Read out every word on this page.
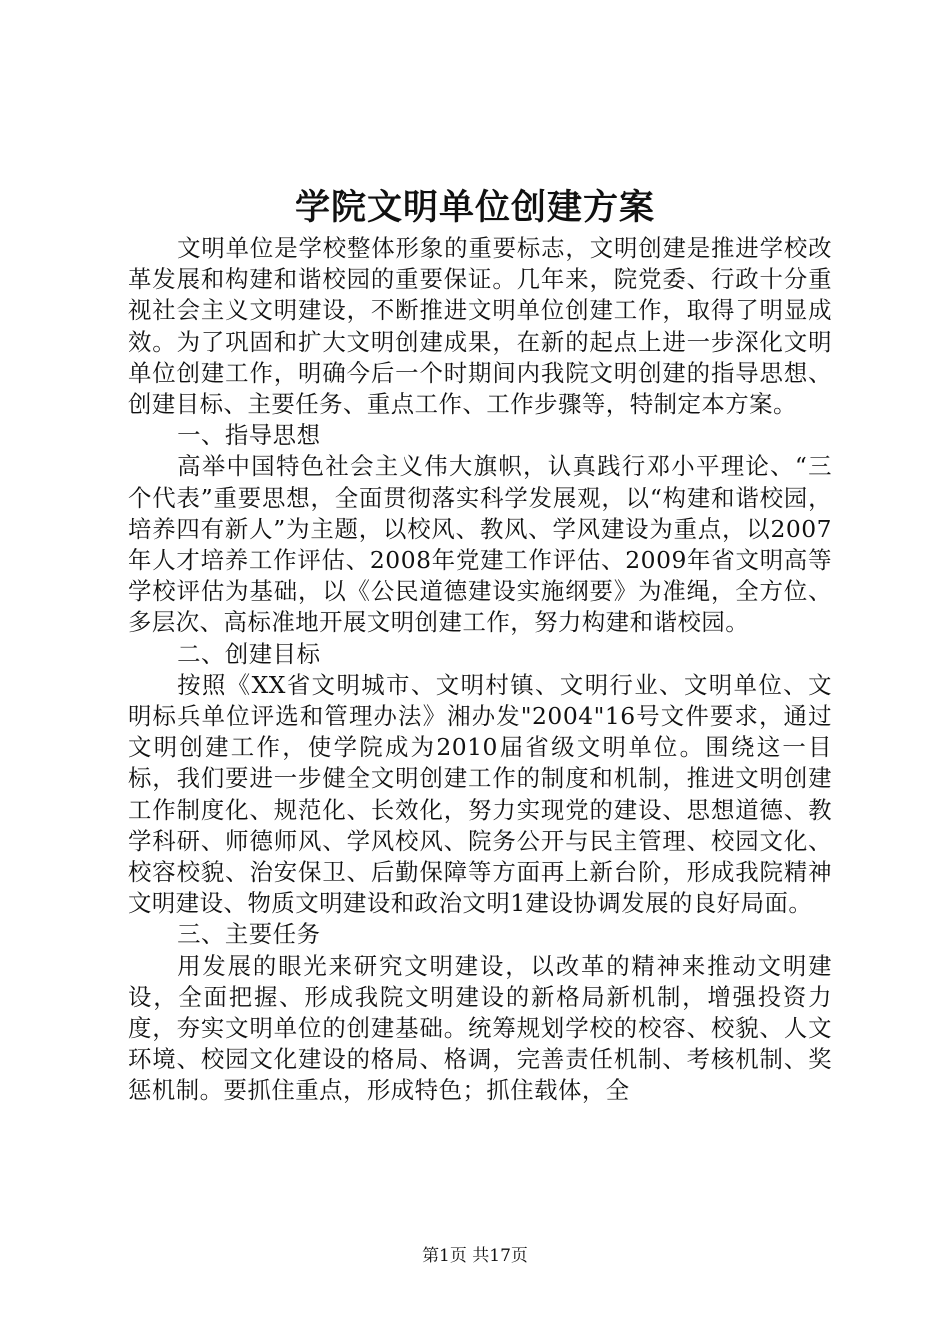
学院文明单位创建方案

文明单位是学校整体形象的重要标志，文明创建是推进学校改革发展和构建和谐校园的重要保证。几年来，院党委、行政十分重视社会主义文明建设，不断推进文明单位创建工作，取得了明显成效。为了巩固和扩大文明创建成果，在新的起点上进一步深化文明单位创建工作，明确今后一个时期间内我院文明创建的指导思想、创建目标、主要任务、重点工作、工作步骤等，特制定本方案。

一、指导思想

高举中国特色社会主义伟大旗帜，认真践行邓小平理论、“三个代表”重要思想，全面贯彻落实科学发展观，以“构建和谐校园，培养四有新人”为主题，以校风、教风、学风建设为重点，以2007年人才培养工作评估、2008年党建工作评估、2009年省文明高等学校评估为基础，以《公民道德建设实施纲要》为准绳，全方位、多层次、高标准地开展文明创建工作，努力构建和谐校园。

二、创建目标

按照《XX省文明城市、文明村镇、文明行业、文明单位、文明标兵单位评选和管理办法》湘办发"2004"16号文件要求，通过文明创建工作，使学院成为2010届省级文明单位。围绕这一目标，我们要进一步健全文明创建工作的制度和机制，推进文明创建工作制度化、规范化、长效化，努力实现党的建设、思想道德、教学科研、师德师风、学风校风、院务公开与民主管理、校园文化、校容校貌、治安保卫、后勤保障等方面再上新台阶，形成我院精神文明建设、物质文明建设和政治文明1建设协调发展的良好局面。

三、主要任务

用发展的眼光来研究文明建设，以改革的精神来推动文明建设，全面把握、形成我院文明建设的新格局新机制，增强投资力度，夯实文明单位的创建基础。统筹规划学校的校容、校貌、人文环境、校园文化建设的格局、格调，完善责任机制、考核机制、奖惩机制。要抓住重点，形成特色；抓住载体，全

第1页 共17页
